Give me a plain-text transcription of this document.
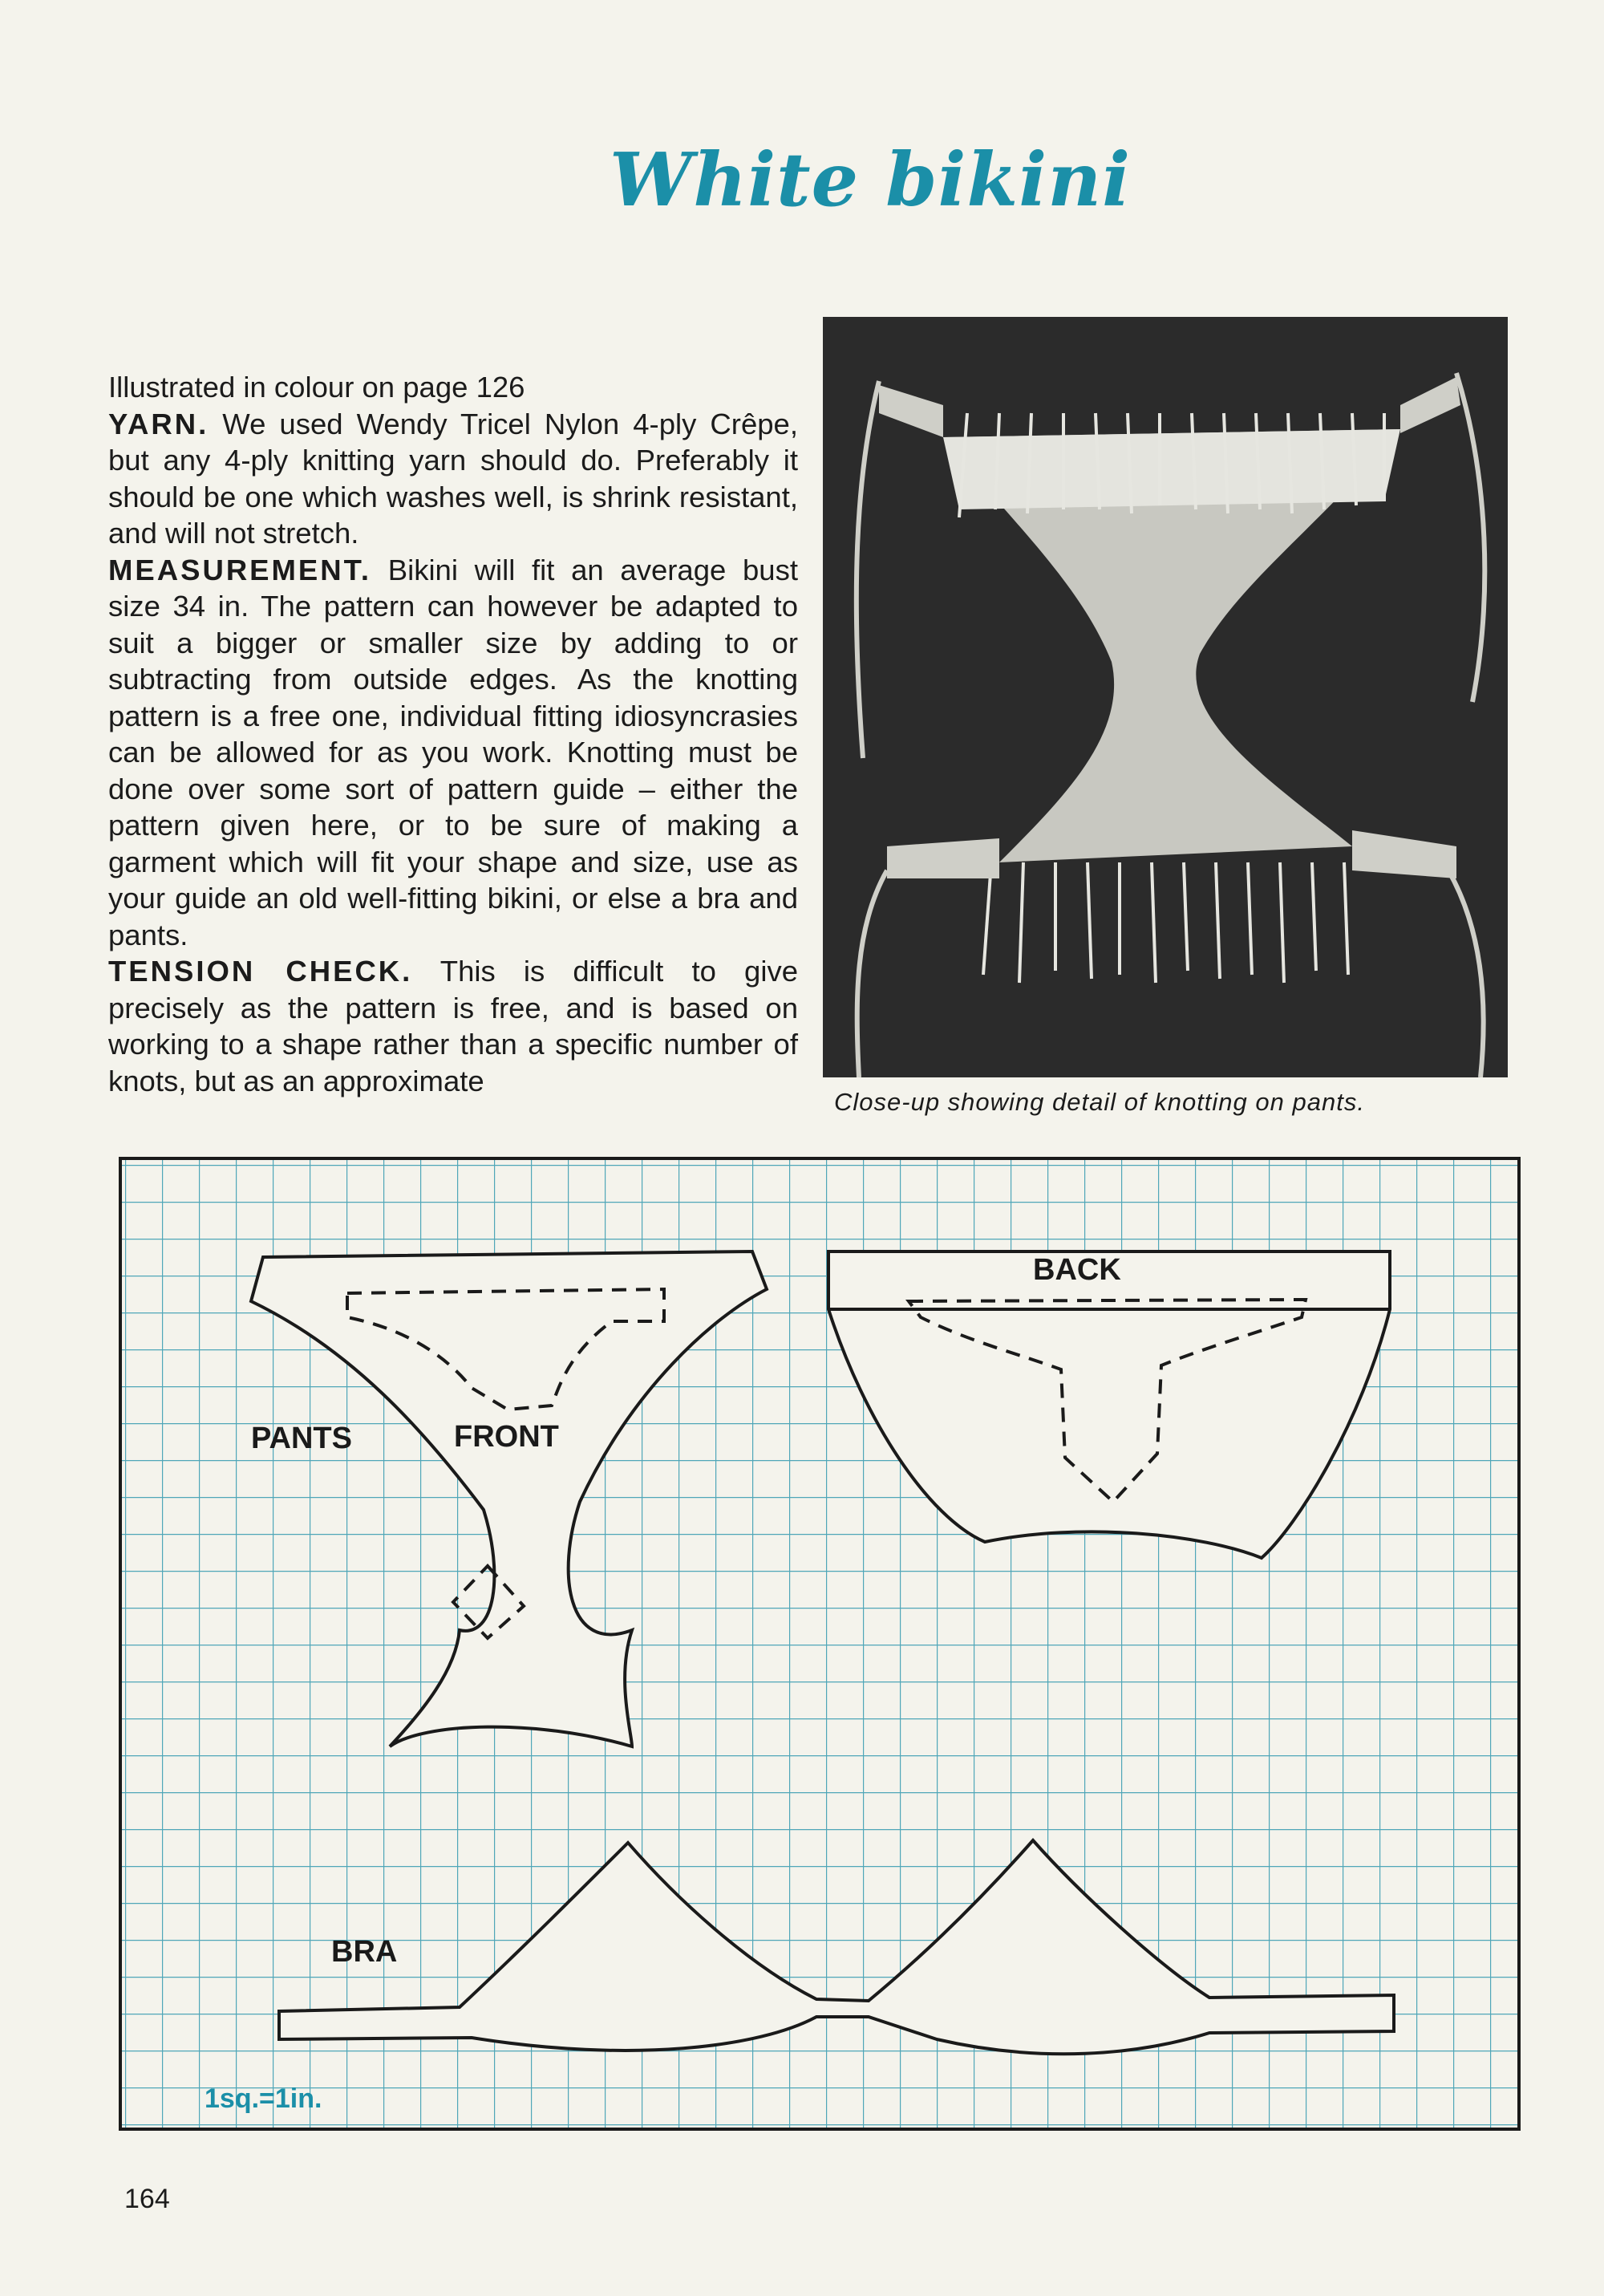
White bikini

Illustrated in colour on page 126

YARN. We used Wendy Tricel Nylon 4-ply Crêpe, but any 4-ply knitting yarn should do. Preferably it should be one which washes well, is shrink resistant, and will not stretch.

MEASUREMENT. Bikini will fit an average bust size 34 in. The pattern can however be adapted to suit a bigger or smaller size by adding to or subtracting from outside edges. As the knotting pattern is a free one, individual fitting idiosyncrasies can be allowed for as you work. Knotting must be done over some sort of pattern guide – either the pattern given here, or to be sure of making a garment which will fit your shape and size, use as your guide an old well-fitting bikini, or else a bra and pants.

TENSION CHECK. This is difficult to give precisely as the pattern is free, and is based on working to a shape rather than a specific number of knots, but as an approximate

Close-up showing detail of knotting on pants.
PANTS	FRONT
BACK
BRA
1sq.=1in.
164
